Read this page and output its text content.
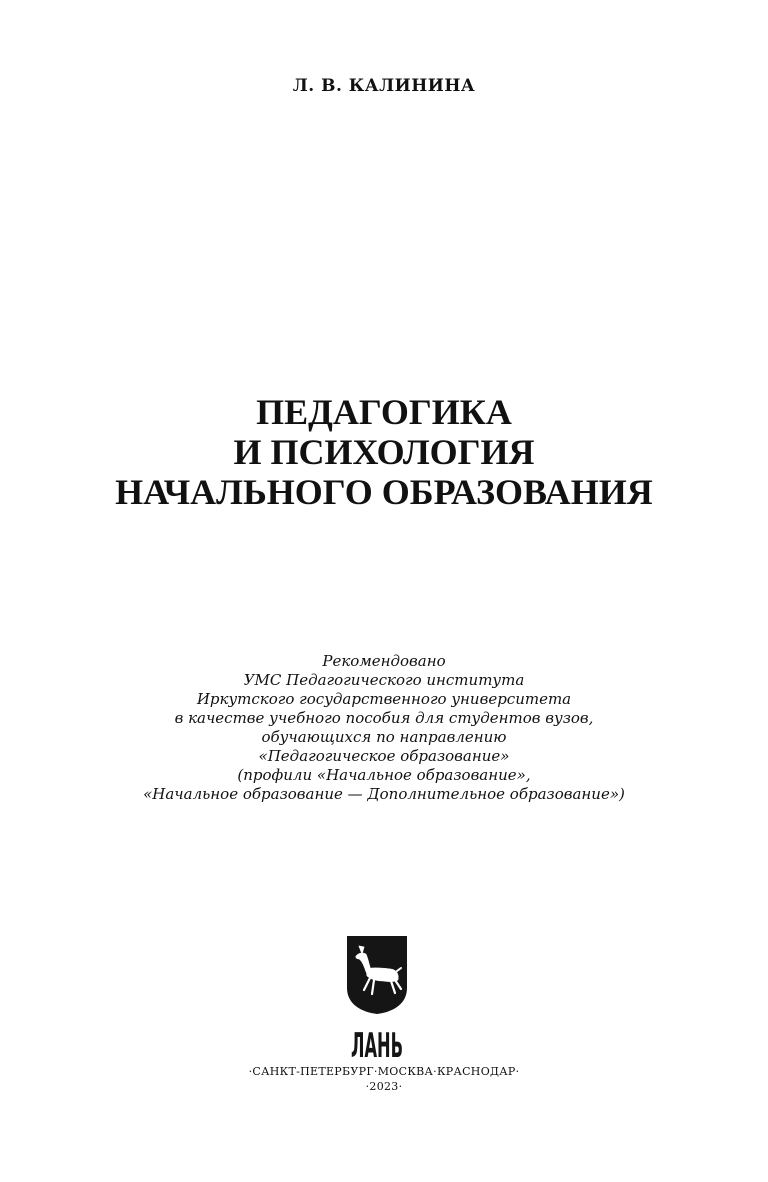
Л. В. КАЛИНИНА
ПЕДАГОГИКА
И ПСИХОЛОГИЯ
НАЧАЛЬНОГО ОБРАЗОВАНИЯ
Рекомендовано
УМС Педагогического института
Иркутского государственного университета
в качестве учебного пособия для студентов вузов,
обучающихся по направлению
«Педагогическое образование»
(профили «Начальное образование»,
«Начальное образование — Дополнительное образование»)
ЛАНЬ
·САНКТ-ПЕТЕРБУРГ·МОСКВА·КРАСНОДАР·
·2023·
